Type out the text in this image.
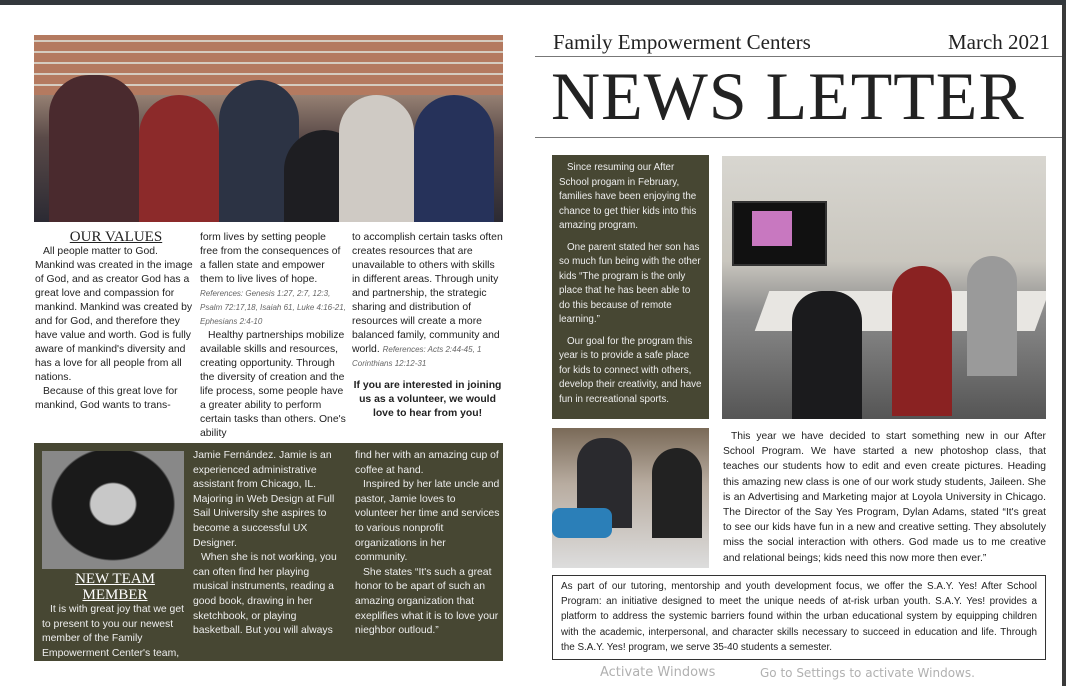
OUR VALUES

All people matter to God. Mankind was created in the image of God, and as creator God has a great love and compassion for mankind. Mankind was created by and for God, and therefore they have value and worth. God is fully aware of mankind's diversity and has a love for all people from all nations.

Because of this great love for mankind, God wants to trans-

form lives by setting people free from the consequences of a fallen state and empower them to live lives of hope. References: Genesis 1:27, 2:7, 12:3, Psalm 72:17,18, Isaiah 61, Luke 4:16-21, Ephesians 2:4-10

Healthy partnerships mobilize available skills and resources, creating opportunity. Through the diversity of creation and the life process, some people have a greater ability to perform certain tasks than others. One's ability

to accomplish certain tasks often creates resources that are unavailable to others with skills in different areas. Through unity and partnership, the strategic sharing and distribution of resources will create a more balanced family, community and world. References: Acts 2:44-45, 1 Corinthians 12:12-31

If you are interested in joining us as a volunteer, we would love to hear from you!

NEW TEAM MEMBER

It is with great joy that we get to present to you our newest member of the Family Empowerment Center's team,

Jamie Fernández. Jamie is an experienced administrative assistant from Chicago, IL. Majoring in Web Design at Full Sail University she aspires to become a successful UX Designer.

When she is not working, you can often find her playing musical instruments, reading a good book, drawing in her sketchbook, or playing basketball. But you will always

find her with an amazing cup of coffee at hand.

Inspired by her late uncle and pastor, Jamie loves to volunteer her time and services to various nonprofit organizations in her community.

She states “It's such a great honor to be apart of such an amazing organization that exeplifies what it is to love your nieghbor outloud.”

Family Empowerment Centers	March 2021
NEWS LETTER

Since resuming our After School progam in February, families have been enjoying the chance to get thier kids into this amazing program.

One parent stated her son has so much fun being with the other kids “The program is the only place that he has been able to do this because of remote learning.”

Our goal for the program this year is to provide a safe place for kids to connect with others, develop their creativity, and have fun in recreational sports.

This year we have decided to start something new in our After School Program. We have started a new photoshop class, that teaches our students how to edit and even create pictures. Heading this amazing new class is one of our work study students, Jaileen. She is an Advertising and Marketing major at Loyola University in Chicago. The Director of the Say Yes Program, Dylan Adams, stated “It's great to see our kids have fun in a new and creative setting. They absolutely miss the social interaction with others. God made us to me creative and relational beings; kids need this now more then ever.”

As part of our tutoring, mentorship and youth development focus, we offer the S.A.Y. Yes! After School Program: an initiative designed to meet the unique needs of at-risk urban youth. S.A.Y. Yes! provides a platform to address the systemic barriers found within the urban educational system by equipping children with the academic, interpersonal, and character skills necessary to succeed in education and life. Through the S.A.Y. Yes! program, we serve 35-40 students a semester.
Activate Windows	Go to Settings to activate Windows.
